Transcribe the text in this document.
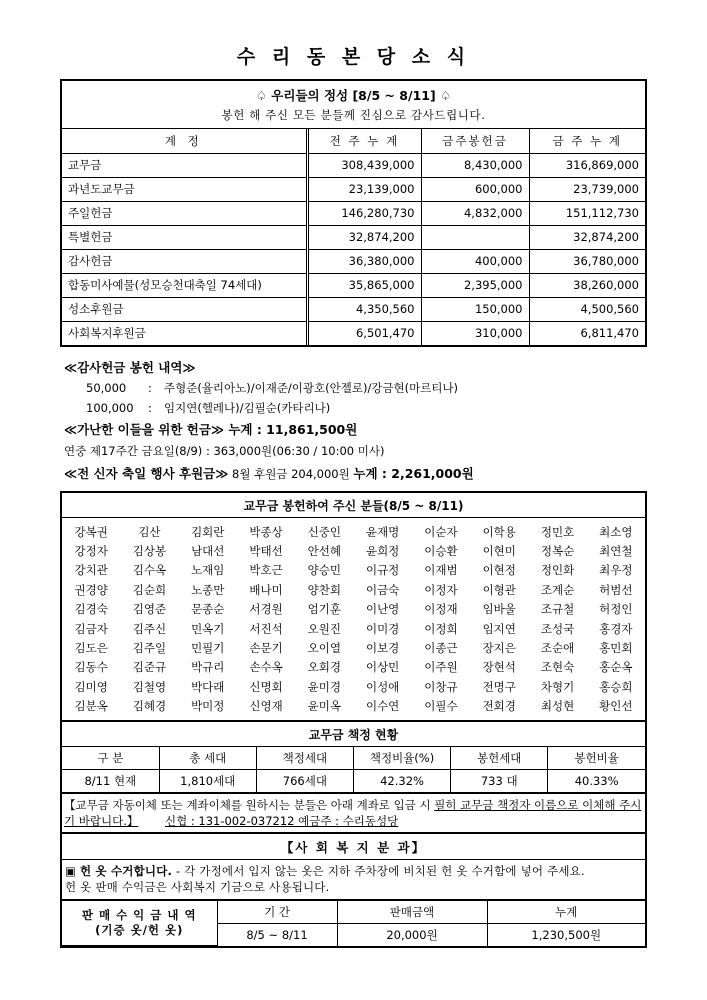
수 리 동 본 당 소 식
♤ 우리들의 정성 [8/5 ~ 8/11] ♤
봉헌 해 주신 모든 분들께 진심으로 감사드립니다.
계 정	전 주 누 계	금주봉헌금	금 주 누 계
교무금	308,439,000	8,430,000	316,869,000
과년도교무금	23,139,000	600,000	23,739,000
주일헌금	146,280,730	4,832,000	151,112,730
특별헌금	32,874,200		32,874,200
감사헌금	36,380,000	400,000	36,780,000
합동미사예물(성모승천대축일 74세대)	35,865,000	2,395,000	38,260,000
성소후원금	4,350,560	150,000	4,500,560
사회복지후원금	6,501,470	310,000	6,811,470
≪감사헌금 봉헌 내역≫
50,000 : 주형준(율리아노)/이재준/이광호(안젤로)/강금현(마르티나)
100,000 : 임지연(헬레나)/김필순(카타리나)
≪가난한 이들을 위한 헌금≫ 누계 : 11,861,500원
연중 제17주간 금요일(8/9) : 363,000원(06:30 / 10:00 미사)
≪전 신자 축일 행사 후원금≫ 8월 후원금 204,000원 누계 : 2,261,000원
교무금 봉헌하여 주신 분들(8/5 ~ 8/11)
강복권	김산	김회란	박종상	신중인	윤재명	이순자	이학용	정민호	최소영
강정자	김상봉	남대선	박태선	안선혜	윤희정	이승환	이현미	정복순	최연철
강치관	김수옥	노재임	박호근	양승민	이규정	이재범	이현정	정인화	최우정
권경양	김순희	노종만	배나미	양찬회	이금숙	이정자	이형관	조계순	허범선
김경숙	김영준	문종순	서경원	엄기훈	이난영	이정재	임바울	조규철	허정인
김금자	김주신	민옥기	서진석	오원진	이미경	이정희	임지연	조성국	홍경자
김도은	김주일	민필기	손문기	오이열	이보경	이종근	장지은	조순애	홍민회
김동수	김준규	박규리	손수옥	오회경	이상민	이주원	장현석	조현숙	홍순옥
김미영	김철영	박다래	신명회	윤미경	이성애	이창규	전명구	차형기	홍승희
김분옥	김혜경	박미정	신영재	윤미옥	이수연	이필수	전회경	최성현	황인선
교무금 책정 현황
구 분	총 세대	책정세대	책정비율(%)	봉헌세대	봉헌비율
8/11 현재	1,810세대	766세대	42.32%	733 대	40.33%
【교무금 자동이체 또는 계좌이체를 원하시는 분들은 아래 계좌로 입금 시 필히 교무금 책정자 이름으로 이체해 주시기 바랍니다.】 신협 : 131-002-037212 예금주 : 수리동성당
【사 회 복 지 분 과】
▣ 헌 옷 수거합니다. - 각 가정에서 입지 않는 옷은 지하 주차장에 비치된 헌 옷 수거함에 넣어 주세요.
헌 옷 판매 수익금은 사회복지 기금으로 사용됩니다.
판 매 수 익 금 내 역
(기증 옷/헌 옷)	기 간	판매금액	누계
	8/5 ~ 8/11	20,000원	1,230,500원
